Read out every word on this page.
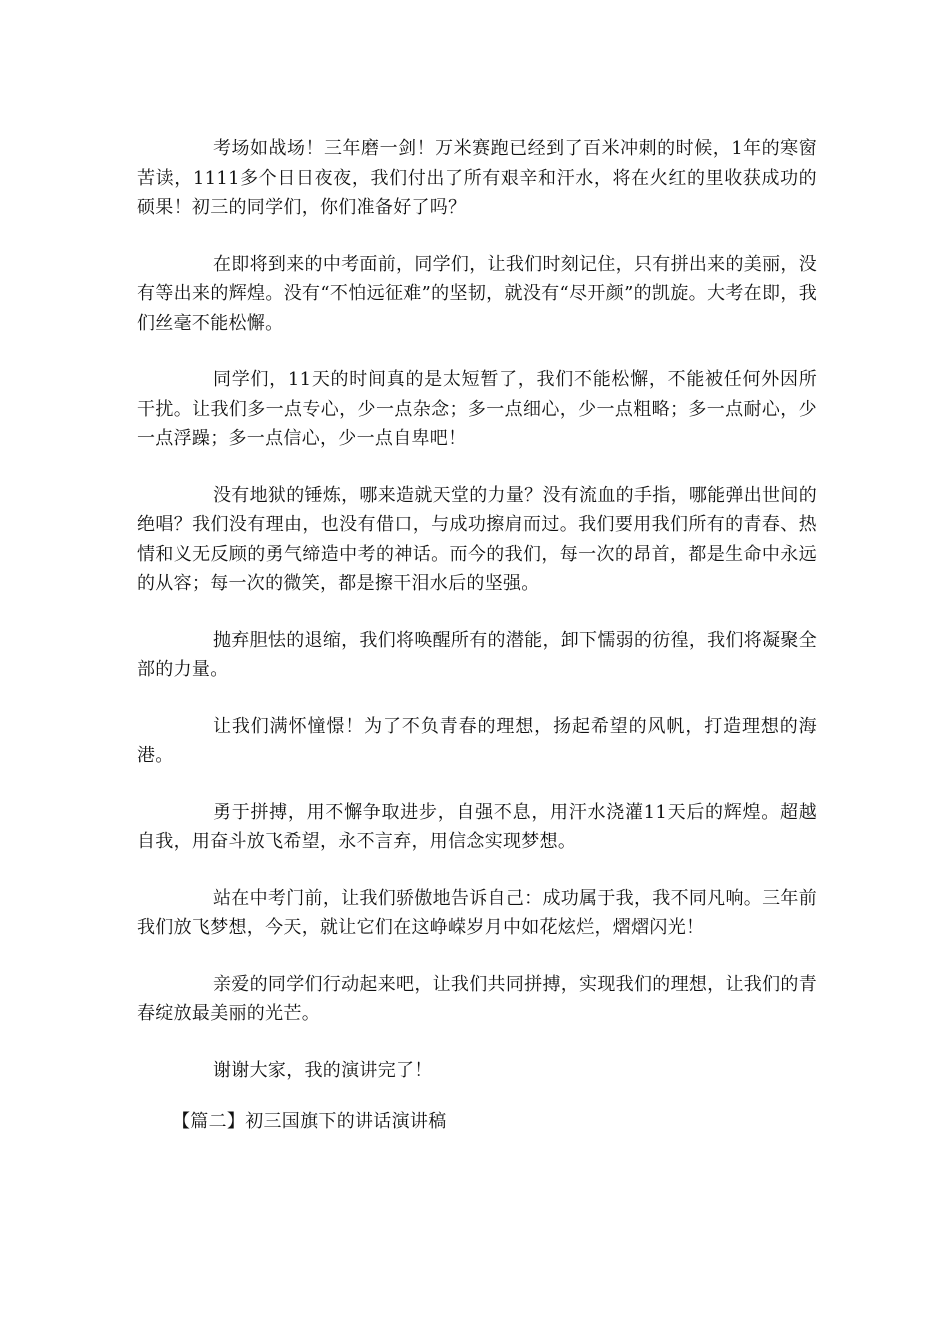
考场如战场！三年磨一剑！万米赛跑已经到了百米冲刺的时候，1年的寒窗苦读，1111多个日日夜夜，我们付出了所有艰辛和汗水，将在火红的里收获成功的硕果！初三的同学们，你们准备好了吗？

在即将到来的中考面前，同学们，让我们时刻记住，只有拼出来的美丽，没有等出来的辉煌。没有“不怕远征难”的坚韧，就没有“尽开颜”的凯旋。大考在即，我们丝毫不能松懈。

同学们，11天的时间真的是太短暂了，我们不能松懈，不能被任何外因所干扰。让我们多一点专心，少一点杂念；多一点细心，少一点粗略；多一点耐心，少一点浮躁；多一点信心，少一点自卑吧！

没有地狱的锤炼，哪来造就天堂的力量？没有流血的手指，哪能弹出世间的绝唱？我们没有理由，也没有借口，与成功擦肩而过。我们要用我们所有的青春、热情和义无反顾的勇气缔造中考的神话。而今的我们，每一次的昂首，都是生命中永远的从容；每一次的微笑，都是擦干泪水后的坚强。

抛弃胆怯的退缩，我们将唤醒所有的潜能，卸下懦弱的彷徨，我们将凝聚全部的力量。

让我们满怀憧憬！为了不负青春的理想，扬起希望的风帆，打造理想的海港。

勇于拼搏，用不懈争取进步，自强不息，用汗水浇灌11天后的辉煌。超越自我，用奋斗放飞希望，永不言弃，用信念实现梦想。

站在中考门前，让我们骄傲地告诉自己：成功属于我，我不同凡响。三年前我们放飞梦想，今天，就让它们在这峥嵘岁月中如花炫烂，熠熠闪光！

亲爱的同学们行动起来吧，让我们共同拼搏，实现我们的理想，让我们的青春绽放最美丽的光芒。

谢谢大家，我的演讲完了！

【篇二】初三国旗下的讲话演讲稿
